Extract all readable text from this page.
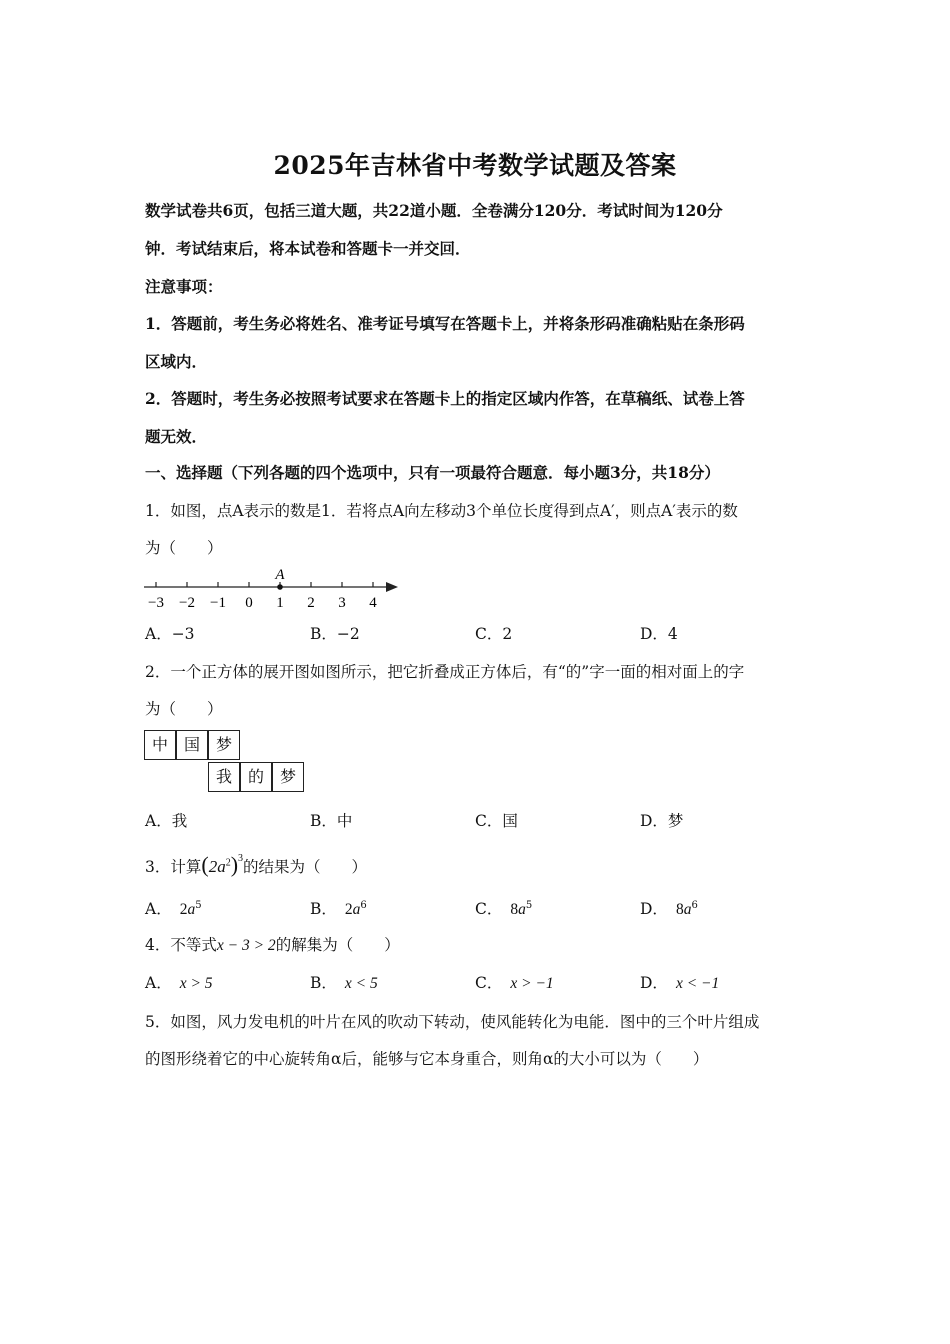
2025年吉林省中考数学试题及答案
数学试卷共6页，包括三道大题，共22道小题．全卷满分120分．考试时间为120分
钟．考试结束后，将本试卷和答题卡一并交回．
注意事项：
1．答题前，考生务必将姓名、准考证号填写在答题卡上，并将条形码准确粘贴在条形码
区域内．
2．答题时，考生务必按照考试要求在答题卡上的指定区域内作答，在草稿纸、试卷上答
题无效．
一、选择题（下列各题的四个选项中，只有一项最符合题意．每小题3分，共18分）
1．如图，点A表示的数是1．若将点A向左移动3个单位长度得到点A′，则点A′表示的数
为（　　）
−3 −2 −1 0 1 2 3 4
A
A．−3	B．−2	C．2	D．4
2．一个正方体的展开图如图所示，把它折叠成正方体后，有“的”字一面的相对面上的字
为（　　）
中 国 梦
我 的 梦
A．我	B．中	C．国	D．梦
3．计算$(2a^2)^3$的结果为（　　）
A． $2a^5$	B． $2a^6$	C． $8a^5$	D． $8a^6$
4．不等式x − 3 > 2的解集为（　　）
A． x > 5	B． x < 5	C． x > −1	D． x < −1
5．如图，风力发电机的叶片在风的吹动下转动，使风能转化为电能．图中的三个叶片组成
的图形绕着它的中心旋转角α后，能够与它本身重合，则角α的大小可以为（　　）
